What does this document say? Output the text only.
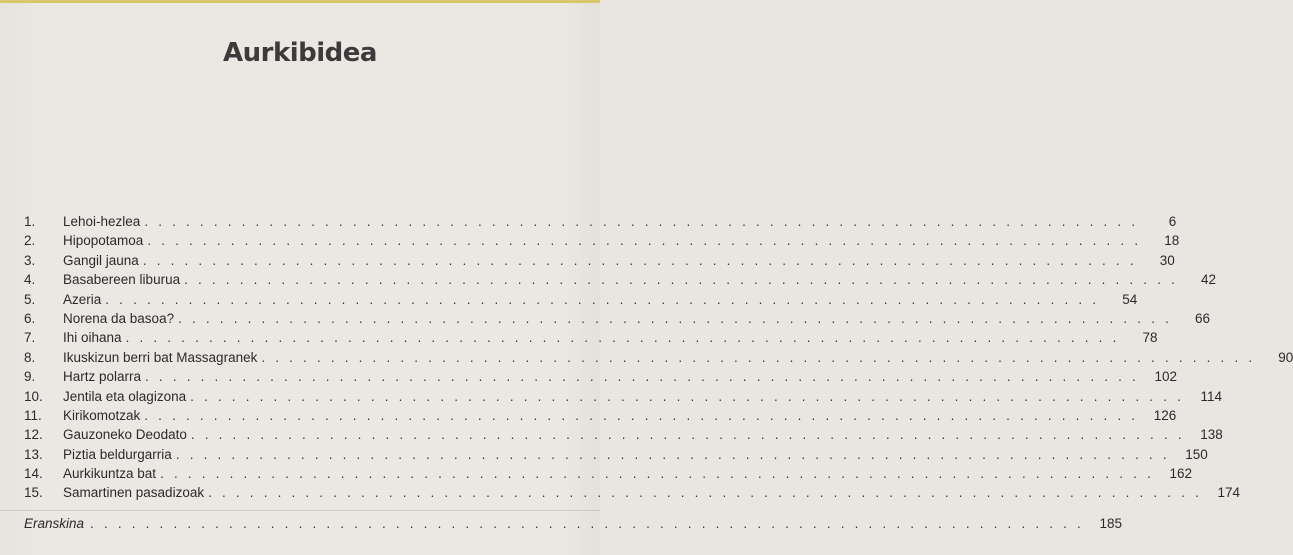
Aurkibidea
1.	Lehoi-hezlea . . . . . . . . . . . . . . . . . . . . . . . . . . . . . . . . . . . . . . . . . . . . . . . . . . . . . . . . . . . . . . . . . . . . . . . .	6
2.	Hipopotamoa . . . . . . . . . . . . . . . . . . . . . . . . . . . . . . . . . . . . . . . . . . . . . . . . . . . . . . . . . . . . . . . . . . . . . . . .	18
3.	Gangil jauna . . . . . . . . . . . . . . . . . . . . . . . . . . . . . . . . . . . . . . . . . . . . . . . . . . . . . . . . . . . . . . . . . . . . . . . .	30
4.	Basabereen liburua . . . . . . . . . . . . . . . . . . . . . . . . . . . . . . . . . . . . . . . . . . . . . . . . . . . . . . . . . . . . . . . . . . . . . . . .	42
5.	Azeria . . . . . . . . . . . . . . . . . . . . . . . . . . . . . . . . . . . . . . . . . . . . . . . . . . . . . . . . . . . . . . . . . . . . . . . .	54
6.	Norena da basoa? . . . . . . . . . . . . . . . . . . . . . . . . . . . . . . . . . . . . . . . . . . . . . . . . . . . . . . . . . . . . . . . . . . . . . . . .	66
7.	Ihi oihana . . . . . . . . . . . . . . . . . . . . . . . . . . . . . . . . . . . . . . . . . . . . . . . . . . . . . . . . . . . . . . . . . . . . . . . .	78
8.	Ikuskizun berri bat Massagranek . . . . . . . . . . . . . . . . . . . . . . . . . . . . . . . . . . . . . . . . . . . . . . . . . . . . . . . . . . . . . . . . . . . . . . . .	90
9.	Hartz polarra . . . . . . . . . . . . . . . . . . . . . . . . . . . . . . . . . . . . . . . . . . . . . . . . . . . . . . . . . . . . . . . . . . . . . . . .	102
10.	Jentila eta olagizona . . . . . . . . . . . . . . . . . . . . . . . . . . . . . . . . . . . . . . . . . . . . . . . . . . . . . . . . . . . . . . . . . . . . . . . .	114
11.	Kirikomotzak . . . . . . . . . . . . . . . . . . . . . . . . . . . . . . . . . . . . . . . . . . . . . . . . . . . . . . . . . . . . . . . . . . . . . . . .	126
12.	Gauzoneko Deodato . . . . . . . . . . . . . . . . . . . . . . . . . . . . . . . . . . . . . . . . . . . . . . . . . . . . . . . . . . . . . . . . . . . . . . . .	138
13.	Piztia beldurgarria . . . . . . . . . . . . . . . . . . . . . . . . . . . . . . . . . . . . . . . . . . . . . . . . . . . . . . . . . . . . . . . . . . . . . . . .	150
14.	Aurkikuntza bat . . . . . . . . . . . . . . . . . . . . . . . . . . . . . . . . . . . . . . . . . . . . . . . . . . . . . . . . . . . . . . . . . . . . . . . .	162
15.	Samartinen pasadizoak . . . . . . . . . . . . . . . . . . . . . . . . . . . . . . . . . . . . . . . . . . . . . . . . . . . . . . . . . . . . . . . . . . . . . . . .	174
Eranskina . . . . . . . . . . . . . . . . . . . . . . . . . . . . . . . . . . . . . . . . . . . . . . . . . . . . . . . . . . . . . . . . . . . . . . . .	185
